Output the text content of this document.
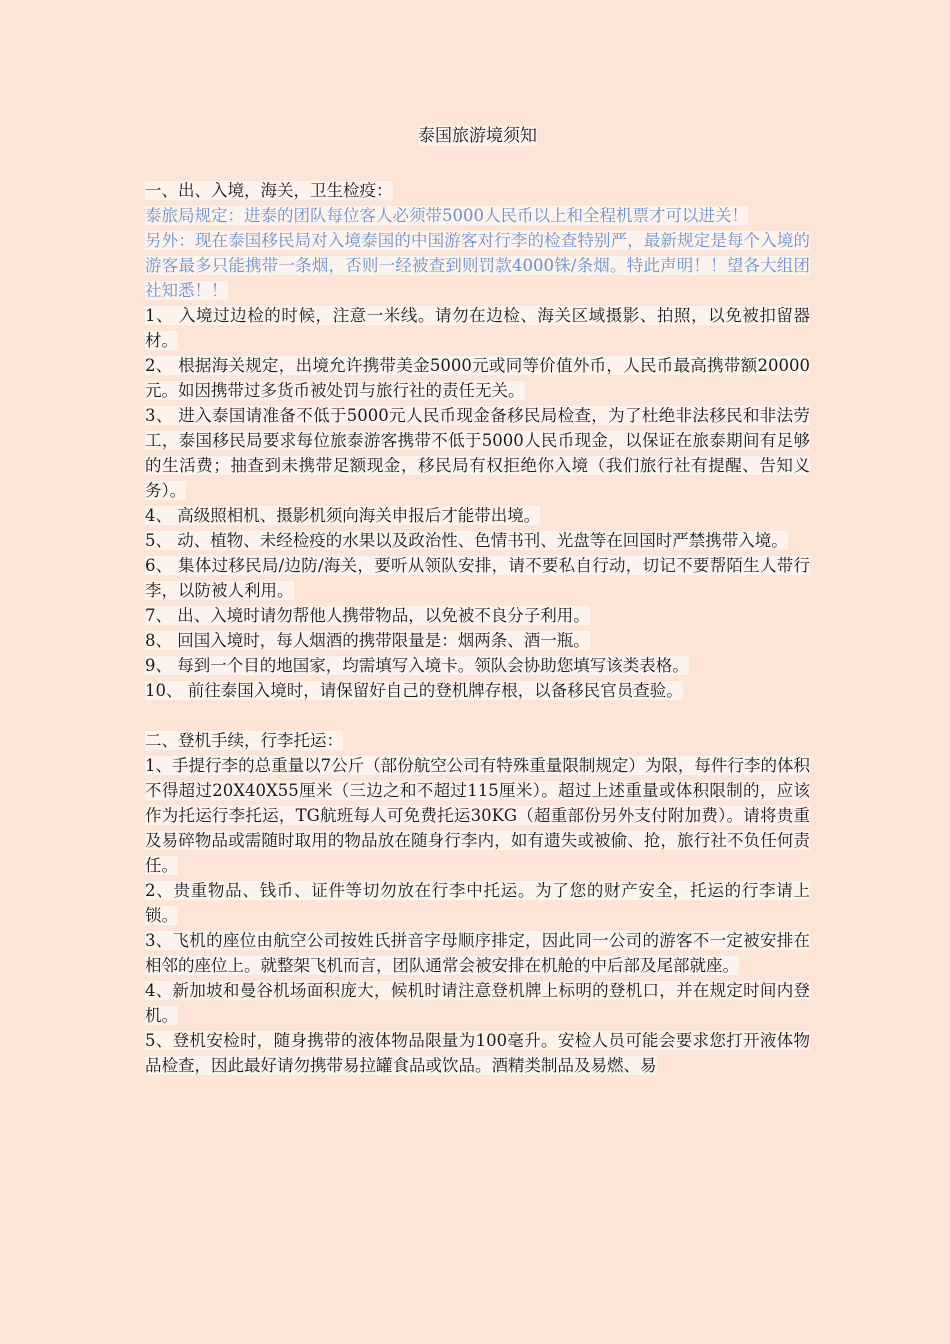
泰国旅游境须知

一、出、入境，海关，卫生检疫：

泰旅局规定：进泰的团队每位客人必须带5000人民币以上和全程机票才可以进关！

另外：现在泰国移民局对入境泰国的中国游客对行李的检查特别严，最新规定是每个入境的游客最多只能携带一条烟，否则一经被查到则罚款4000铢/条烟。特此声明！！望各大组团社知悉！！

1、 入境过边检的时候，注意一米线。请勿在边检、海关区域摄影、拍照，以免被扣留器材。

2、 根据海关规定，出境允许携带美金5000元或同等价值外币，人民币最高携带额20000元。如因携带过多货币被处罚与旅行社的责任无关。

3、 进入泰国请准备不低于5000元人民币现金备移民局检查，为了杜绝非法移民和非法劳工，泰国移民局要求每位旅泰游客携带不低于5000人民币现金，以保证在旅泰期间有足够的生活费；抽查到未携带足额现金，移民局有权拒绝你入境（我们旅行社有提醒、告知义务）。

4、 高级照相机、摄影机须向海关申报后才能带出境。

5、 动、植物、未经检疫的水果以及政治性、色情书刊、光盘等在回国时严禁携带入境。

6、 集体过移民局/边防/海关，要听从领队安排，请不要私自行动，切记不要帮陌生人带行李，以防被人利用。

7、 出、入境时请勿帮他人携带物品，以免被不良分子利用。

8、 回国入境时，每人烟酒的携带限量是：烟两条、酒一瓶。

9、 每到一个目的地国家，均需填写入境卡。领队会协助您填写该类表格。

10、 前往泰国入境时，请保留好自己的登机牌存根，以备移民官员查验。

二、登机手续，行李托运：

1、手提行李的总重量以7公斤（部份航空公司有特殊重量限制规定）为限，每件行李的体积不得超过20X40X55厘米（三边之和不超过115厘米）。超过上述重量或体积限制的，应该作为托运行李托运，TG航班每人可免费托运30KG（超重部份另外支付附加费）。请将贵重及易碎物品或需随时取用的物品放在随身行李内，如有遗失或被偷、抢，旅行社不负任何责任。

2、贵重物品、钱币、证件等切勿放在行李中托运。为了您的财产安全，托运的行李请上锁。

3、飞机的座位由航空公司按姓氏拼音字母顺序排定，因此同一公司的游客不一定被安排在相邻的座位上。就整架飞机而言，团队通常会被安排在机舱的中后部及尾部就座。

4、新加坡和曼谷机场面积庞大，候机时请注意登机牌上标明的登机口，并在规定时间内登机。

5、登机安检时，随身携带的液体物品限量为100毫升。安检人员可能会要求您打开液体物品检查，因此最好请勿携带易拉罐食品或饮品。酒精类制品及易燃、易
